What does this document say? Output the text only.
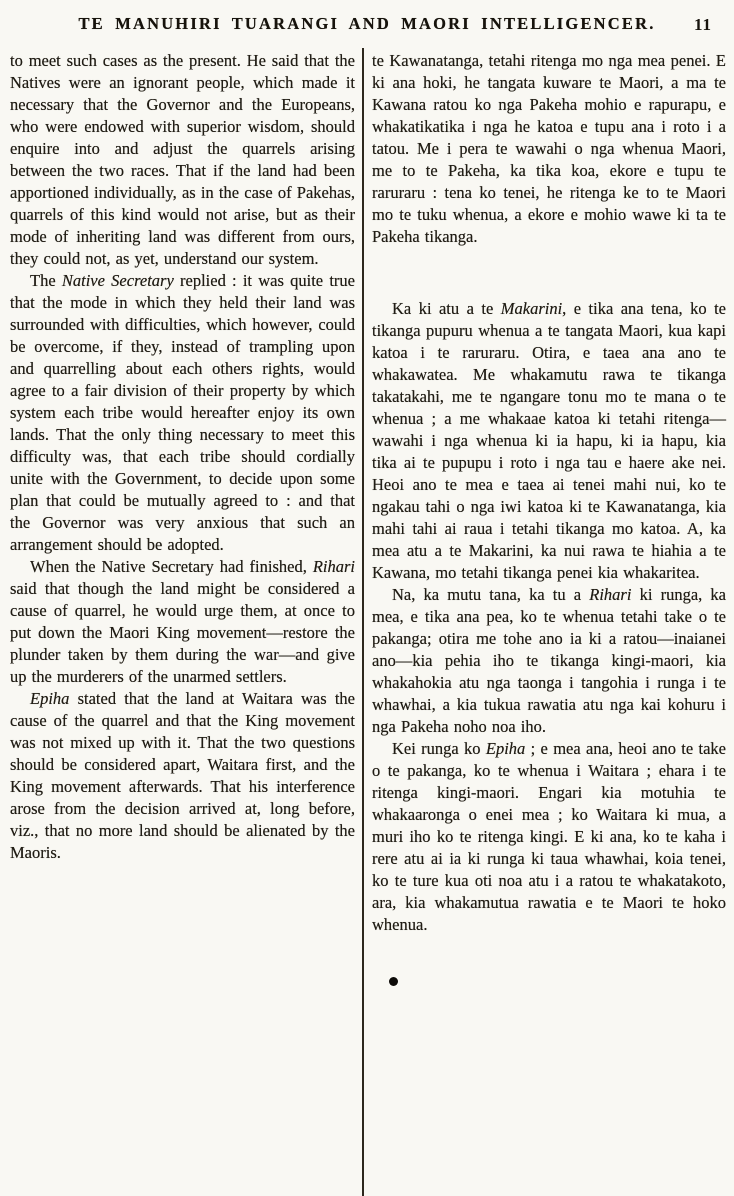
TE MANUHIRI TUARANGI AND MAORI INTELLIGENCER. 11

to meet such cases as the present. He said that the Natives were an ignorant people, which made it necessary that the Governor and the Europeans, who were endowed with superior wisdom, should enquire into and adjust the quarrels arising between the two races. That if the land had been apportioned individually, as in the case of Pakehas, quarrels of this kind would not arise, but as their mode of inheriting land was different from ours, they could not, as yet, understand our system.

The Native Secretary replied : it was quite true that the mode in which they held their land was surrounded with difficulties, which however, could be overcome, if they, instead of trampling upon and quarrelling about each others rights, would agree to a fair division of their property by which system each tribe would hereafter enjoy its own lands. That the only thing necessary to meet this difficulty was, that each tribe should cordially unite with the Government, to decide upon some plan that could be mutually agreed to : and that the Governor was very anxious that such an arrangement should be adopted.

When the Native Secretary had finished, Rihari said that though the land might be considered a cause of quarrel, he would urge them, at once to put down the Maori King movement—restore the plunder taken by them during the war—and give up the murderers of the unarmed settlers.

Epiha stated that the land at Waitara was the cause of the quarrel and that the King movement was not mixed up with it. That the two questions should be considered apart, Waitara first, and the King movement afterwards. That his interference arose from the decision arrived at, long before, viz., that no more land should be alienated by the Maoris.

te Kawanatanga, tetahi ritenga mo nga mea penei. E ki ana hoki, he tangata kuware te Maori, a ma te Kawana ratou ko nga Pakeha mohio e rapurapu, e whakatikatika i nga he katoa e tupu ana i roto i a tatou. Me i pera te wawahi o nga whenua Maori, me to te Pakeha, ka tika koa, ekore e tupu te raruraru : tena ko tenei, he ritenga ke to te Maori mo te tuku whenua, a ekore e mohio wawe ki ta te Pakeha tikanga.

Ka ki atu a te Makarini, e tika ana tena, ko te tikanga pupuru whenua a te tangata Maori, kua kapi katoa i te raruraru. Otira, e taea ana ano te whakawatea. Me whakamutu rawa te tikanga takatakahi, me te ngangare tonu mo te mana o te whenua ; a me whakaae katoa ki tetahi ritenga—wawahi i nga whenua ki ia hapu, ki ia hapu, kia tika ai te pupupu i roto i nga tau e haere ake nei. Heoi ano te mea e taea ai tenei mahi nui, ko te ngakau tahi o nga iwi katoa ki te Kawanatanga, kia mahi tahi ai raua i tetahi tikanga mo katoa. A, ka mea atu a te Makarini, ka nui rawa te hiahia a te Kawana, mo tetahi tikanga penei kia whakaritea.

Na, ka mutu tana, ka tu a Rihari ki runga, ka mea, e tika ana pea, ko te whenua tetahi take o te pakanga; otira me tohe ano ia ki a ratou—inaianei ano—kia pehia iho te tikanga kingi-maori, kia whakahokia atu nga taonga i tangohia i runga i te whawhai, a kia tukua rawatia atu nga kai kohuru i nga Pakeha noho noa iho.

Kei runga ko Epiha ; e mea ana, heoi ano te take o te pakanga, ko te whenua i Waitara ; ehara i te ritenga kingi-maori. Engari kia motuhia te whakaaronga o enei mea ; ko Waitara ki mua, a muri iho ko te ritenga kingi. E ki ana, ko te kaha i rere atu ai ia ki runga ki taua whawhai, koia tenei, ko te ture kua oti noa atu i a ratou te whakatakoto, ara, kia whakamutua rawatia e te Maori te hoko whenua.
